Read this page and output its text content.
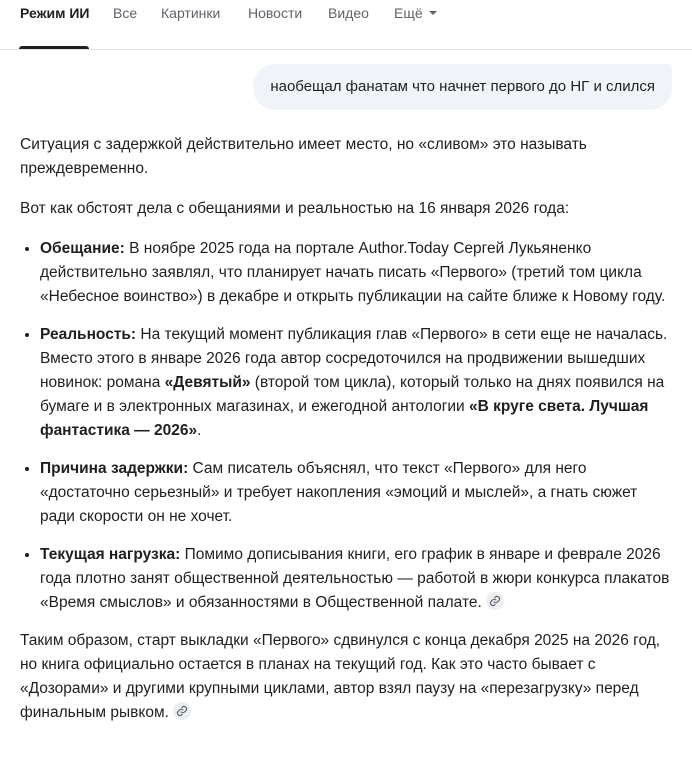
Режим ИИ Все Картинки Новости Видео Ещё
наобещал фанатам что начнет первого до НГ и слился

Ситуация с задержкой действительно имеет место, но «сливом» это называть преждевременно.

Вот как обстоят дела с обещаниями и реальностью на 16 января 2026 года:

• Обещание: В ноябре 2025 года на портале Author.Today Сергей Лукьяненко действительно заявлял, что планирует начать писать «Первого» (третий том цикла «Небесное воинство») в декабре и открыть публикации на сайте ближе к Новому году.
• Реальность: На текущий момент публикация глав «Первого» в сети еще не началась. Вместо этого в январе 2026 года автор сосредоточился на продвижении вышедших новинок: романа «Девятый» (второй том цикла), который только на днях появился на бумаге и в электронных магазинах, и ежегодной антологии «В круге света. Лучшая фантастика — 2026».
• Причина задержки: Сам писатель объяснял, что текст «Первого» для него «достаточно серьезный» и требует накопления «эмоций и мыслей», а гнать сюжет ради скорости он не хочет.
• Текущая нагрузка: Помимо дописывания книги, его график в январе и феврале 2026 года плотно занят общественной деятельностью — работой в жюри конкурса плакатов «Время смыслов» и обязанностями в Общественной палате.

Таким образом, старт выкладки «Первого» сдвинулся с конца декабря 2025 на 2026 год, но книга официально остается в планах на текущий год. Как это часто бывает с «Дозорами» и другими крупными циклами, автор взял паузу на «перезагрузку» перед финальным рывком.
